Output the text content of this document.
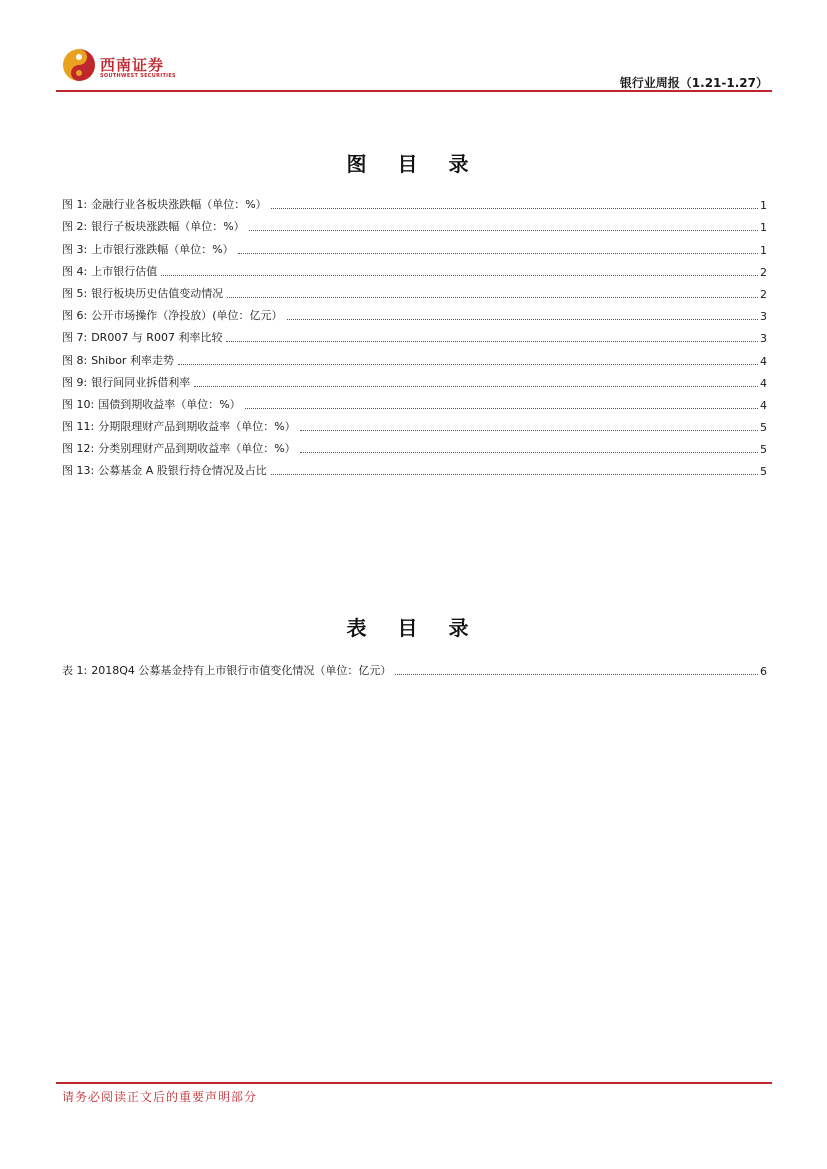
西南证券
SOUTHWEST SECURITIES	银行业周报（1.21-1.27）
图 目 录
图 1: 金融行业各板块涨跌幅（单位：%）	1
图 2: 银行子板块涨跌幅（单位：%）	1
图 3: 上市银行涨跌幅（单位：%）	1
图 4: 上市银行估值	2
图 5: 银行板块历史估值变动情况	2
图 6: 公开市场操作（净投放）(单位：亿元）	3
图 7: DR007 与 R007 利率比较	3
图 8: Shibor 利率走势	4
图 9: 银行间同业拆借利率	4
图 10: 国债到期收益率（单位：%）	4
图 11: 分期限理财产品到期收益率（单位：%）	5
图 12: 分类别理财产品到期收益率（单位：%）	5
图 13: 公募基金 A 股银行持仓情况及占比	5
表 目 录
表 1: 2018Q4 公募基金持有上市银行市值变化情况（单位：亿元）	6
请务必阅读正文后的重要声明部分
